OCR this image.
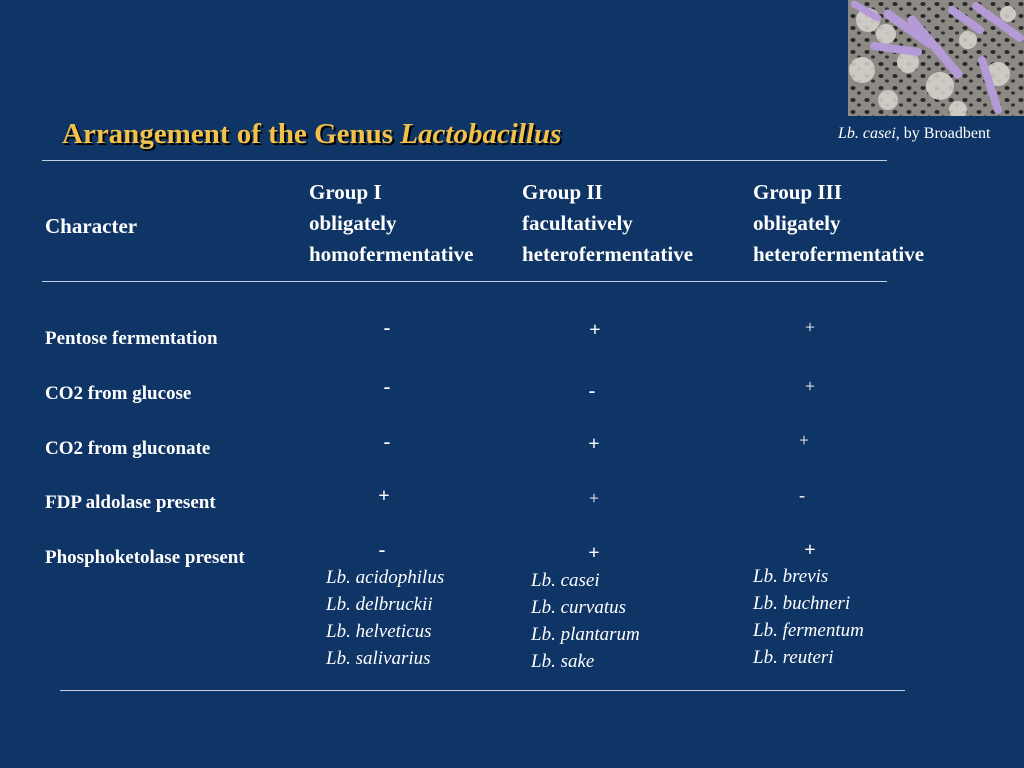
Lb. casei, by Broadbent
Arrangement of the Genus Lactobacillus
Character
Group I
obligately
homofermentative
Group II
facultatively
heterofermentative
Group III
obligately
heterofermentative
Pentose fermentation
CO2 from glucose
CO2 from gluconate
FDP aldolase present
Phosphoketolase present
-
-
-
+
-
+
-
+
+
+
+
+
+
-
+
Lb. acidophilus
Lb. delbruckii
Lb. helveticus
Lb. salivarius
Lb. casei
Lb. curvatus
Lb. plantarum
Lb. sake
Lb. brevis
Lb. buchneri
Lb. fermentum
Lb. reuteri
